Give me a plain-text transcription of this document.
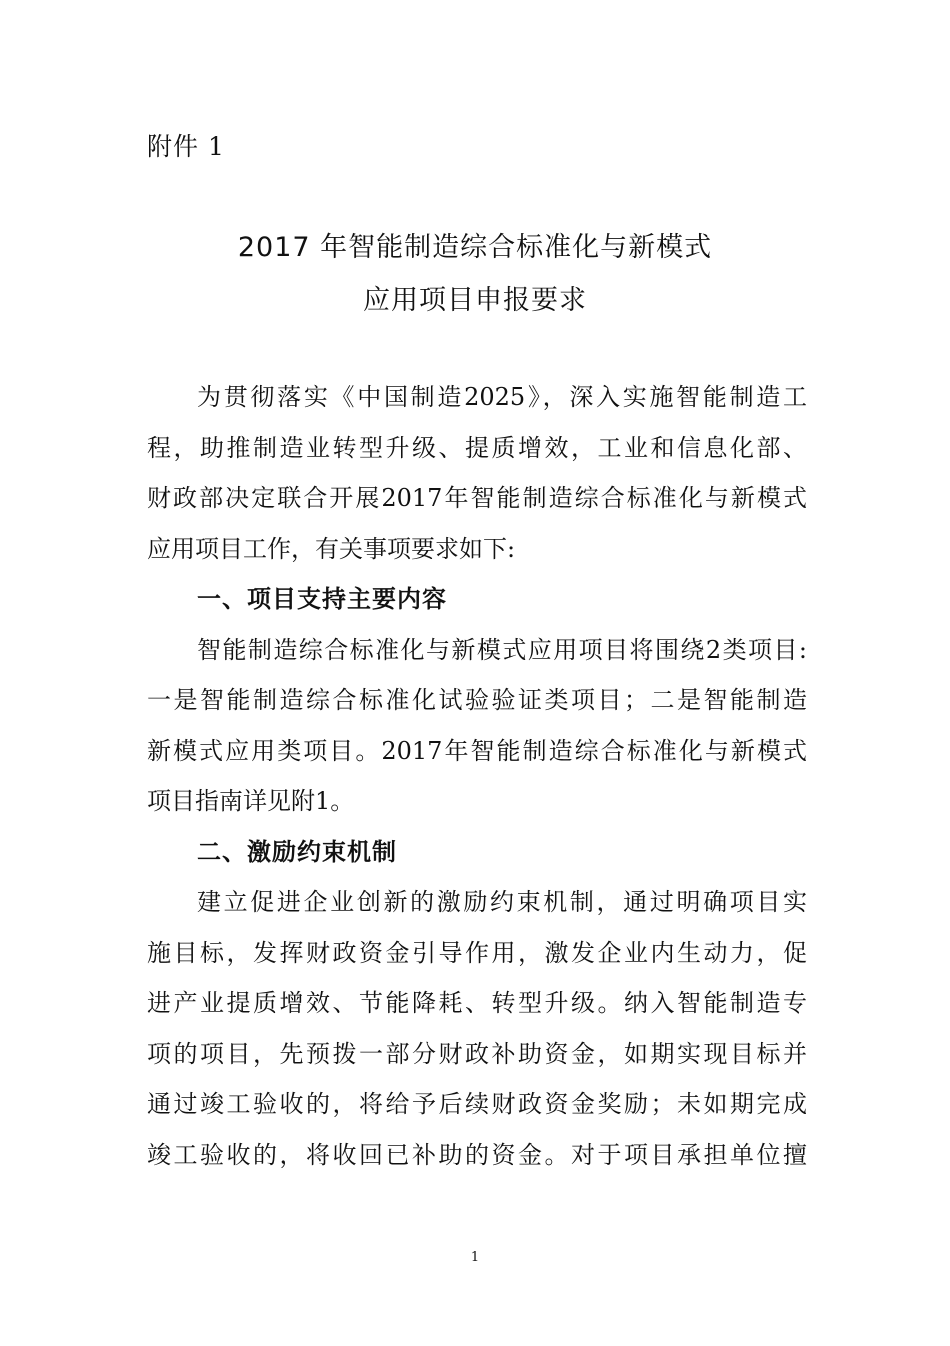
附件 1
2017 年智能制造综合标准化与新模式
应用项目申报要求
为贯彻落实《中国制造2025》，深入实施智能制造工
程，助推制造业转型升级、提质增效，工业和信息化部、
财政部决定联合开展2017年智能制造综合标准化与新模式
应用项目工作，有关事项要求如下:
一、项目支持主要内容
智能制造综合标准化与新模式应用项目将围绕2类项目:
一是智能制造综合标准化试验验证类项目；二是智能制造
新模式应用类项目。2017年智能制造综合标准化与新模式
项目指南详见附1。
二、激励约束机制
建立促进企业创新的激励约束机制，通过明确项目实
施目标，发挥财政资金引导作用，激发企业内生动力，促
进产业提质增效、节能降耗、转型升级。纳入智能制造专
项的项目，先预拨一部分财政补助资金，如期实现目标并
通过竣工验收的，将给予后续财政资金奖励；未如期完成
竣工验收的，将收回已补助的资金。对于项目承担单位擅
1
